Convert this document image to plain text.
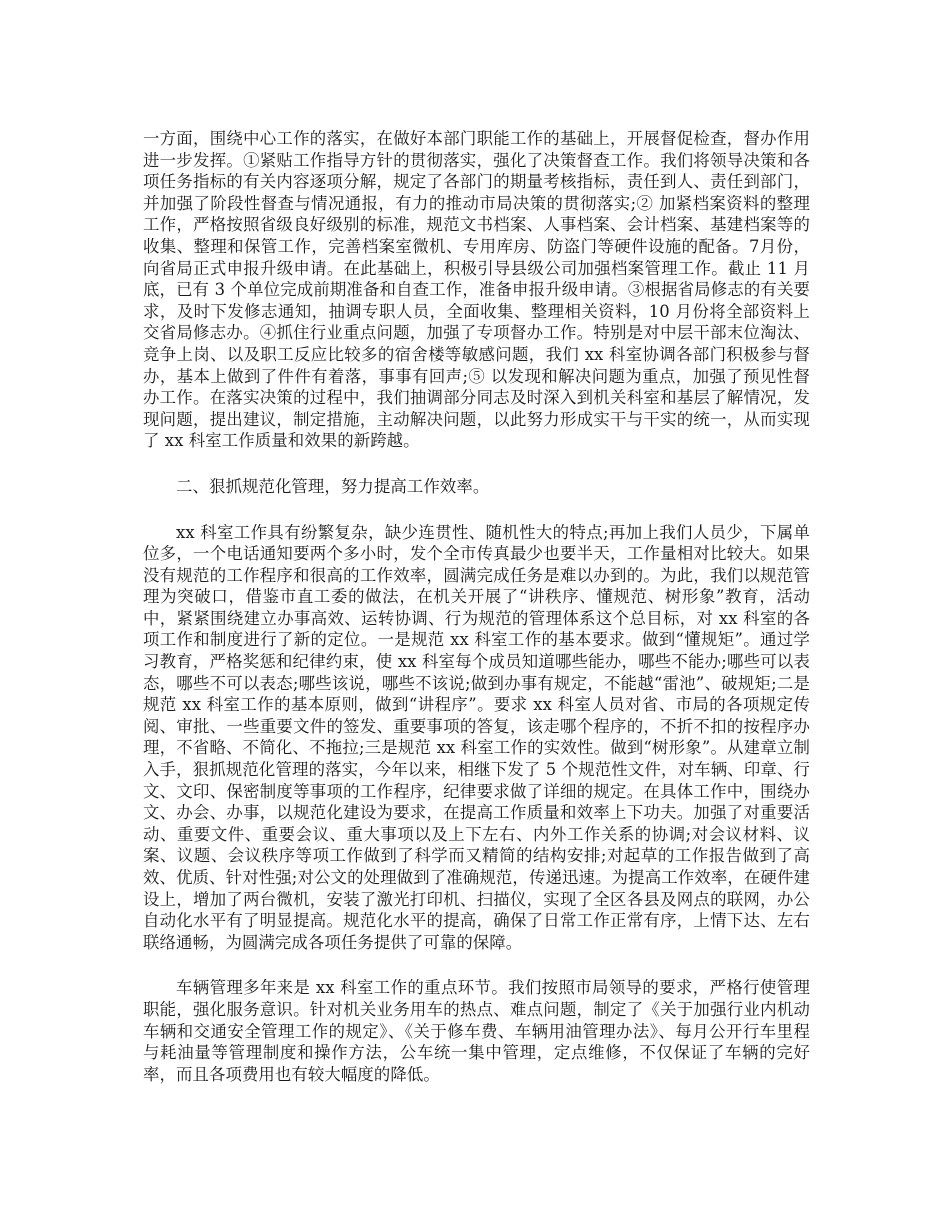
一方面，围绕中心工作的落实，在做好本部门职能工作的基础上，开展督促检查，督办作用进一步发挥。①紧贴工作指导方针的贯彻落实，强化了决策督查工作。我们将领导决策和各项任务指标的有关内容逐项分解，规定了各部门的期量考核指标，责任到人、责任到部门，并加强了阶段性督查与情况通报，有力的推动市局决策的贯彻落实;② 加紧档案资料的整理工作，严格按照省级良好级别的标准，规范文书档案、人事档案、会计档案、基建档案等的收集、整理和保管工作，完善档案室微机、专用库房、防盗门等硬件设施的配备。7月份，向省局正式申报升级申请。在此基础上，积极引导县级公司加强档案管理工作。截止 11 月底，已有 3 个单位完成前期准备和自查工作，准备申报升级申请。③根据省局修志的有关要求，及时下发修志通知，抽调专职人员，全面收集、整理相关资料，10 月份将全部资料上交省局修志办。④抓住行业重点问题，加强了专项督办工作。特别是对中层干部末位淘汰、竞争上岗、以及职工反应比较多的宿舍楼等敏感问题，我们 xx 科室协调各部门积极参与督办，基本上做到了件件有着落，事事有回声;⑤ 以发现和解决问题为重点，加强了预见性督办工作。在落实决策的过程中，我们抽调部分同志及时深入到机关科室和基层了解情况，发现问题，提出建议，制定措施，主动解决问题，以此努力形成实干与干实的统一，从而实现了 xx 科室工作质量和效果的新跨越。

二、狠抓规范化管理，努力提高工作效率。

xx 科室工作具有纷繁复杂，缺少连贯性、随机性大的特点;再加上我们人员少，下属单位多，一个电话通知要两个多小时，发个全市传真最少也要半天，工作量相对比较大。如果没有规范的工作程序和很高的工作效率，圆满完成任务是难以办到的。为此，我们以规范管理为突破口，借鉴市直工委的做法，在机关开展了“讲秩序、懂规范、树形象”教育，活动中，紧紧围绕建立办事高效、运转协调、行为规范的管理体系这个总目标，对 xx 科室的各项工作和制度进行了新的定位。一是规范 xx 科室工作的基本要求。做到“懂规矩”。通过学习教育，严格奖惩和纪律约束，使 xx 科室每个成员知道哪些能办，哪些不能办;哪些可以表态，哪些不可以表态;哪些该说，哪些不该说;做到办事有规定，不能越“雷池”、破规矩;二是规范 xx 科室工作的基本原则，做到“讲程序”。要求 xx 科室人员对省、市局的各项规定传阅、审批、一些重要文件的签发、重要事项的答复，该走哪个程序的，不折不扣的按程序办理，不省略、不简化、不拖拉;三是规范 xx 科室工作的实效性。做到“树形象”。从建章立制入手，狠抓规范化管理的落实，今年以来，相继下发了 5 个规范性文件，对车辆、印章、行文、文印、保密制度等事项的工作程序，纪律要求做了详细的规定。在具体工作中，围绕办文、办会、办事，以规范化建设为要求，在提高工作质量和效率上下功夫。加强了对重要活动、重要文件、重要会议、重大事项以及上下左右、内外工作关系的协调;对会议材料、议案、议题、会议秩序等项工作做到了科学而又精简的结构安排;对起草的工作报告做到了高效、优质、针对性强;对公文的处理做到了准确规范，传递迅速。为提高工作效率，在硬件建设上，增加了两台微机，安装了激光打印机、扫描仪，实现了全区各县及网点的联网，办公自动化水平有了明显提高。规范化水平的提高，确保了日常工作正常有序，上情下达、左右联络通畅，为圆满完成各项任务提供了可靠的保障。

车辆管理多年来是 xx 科室工作的重点环节。我们按照市局领导的要求，严格行使管理职能，强化服务意识。针对机关业务用车的热点、难点问题，制定了《关于加强行业内机动车辆和交通安全管理工作的规定》、《关于修车费、车辆用油管理办法》、每月公开行车里程与耗油量等管理制度和操作方法，公车统一集中管理，定点维修，不仅保证了车辆的完好率，而且各项费用也有较大幅度的降低。
